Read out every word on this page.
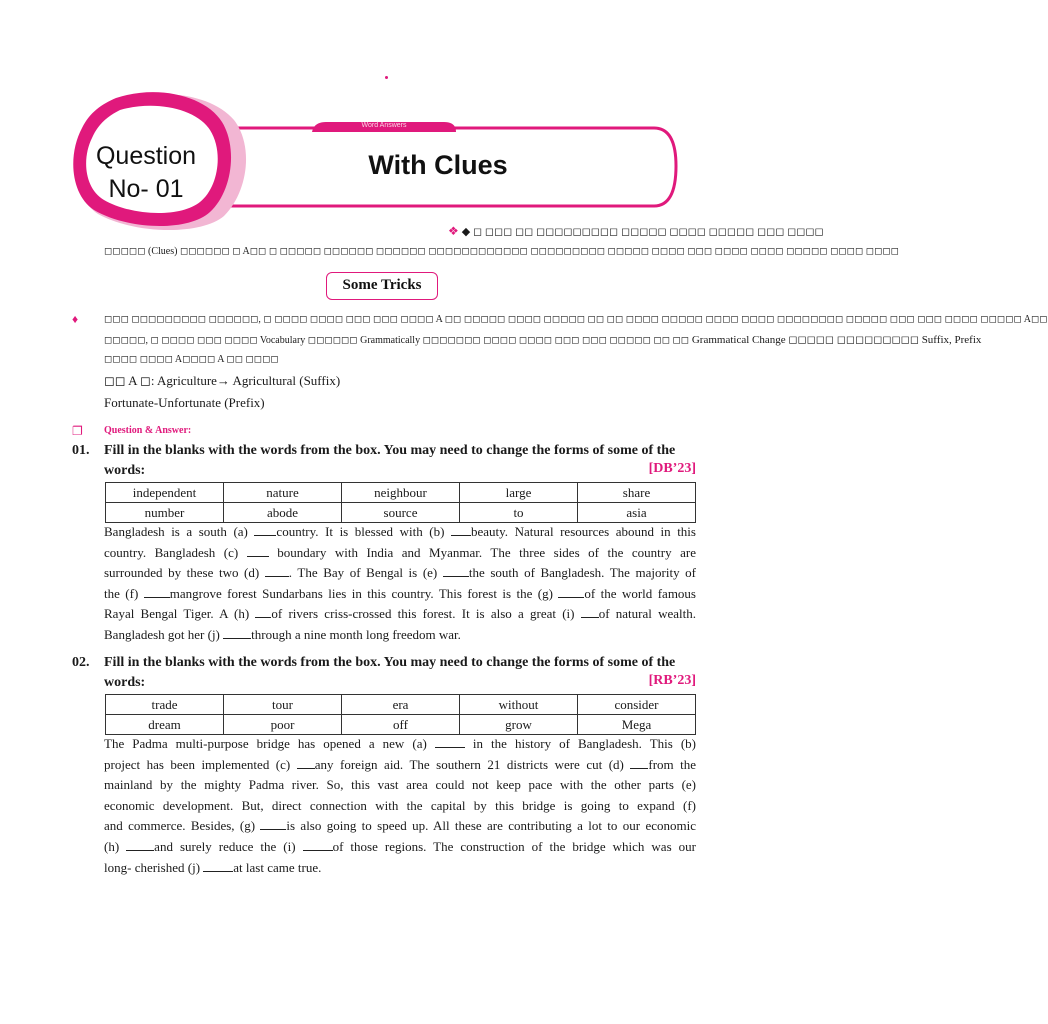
Word Answers
Question
No- 01
With Clues
❖ ◆ ◻ ◻◻◻ ◻◻ ◻◻◻◻◻◻◻◻◻ ◻◻◻◻◻ ◻◻◻◻ ◻◻◻◻◻ ◻◻◻ ◻◻◻◻
◻◻◻◻◻ (Clues) ◻◻◻◻◻◻ ◻ A◻◻ ◻ ◻◻◻◻◻ ◻◻◻◻◻◻ ◻◻◻◻◻◻ ◻◻◻◻◻◻◻◻◻◻◻◻ ◻◻◻◻◻◻◻◻◻ ◻◻◻◻◻ ◻◻◻◻ ◻◻◻ ◻◻◻◻ ◻◻◻◻ ◻◻◻◻◻ ◻◻◻◻ ◻◻◻◻
Some Tricks
♦	◻◻◻ ◻◻◻◻◻◻◻◻◻ ◻◻◻◻◻◻, ◻ ◻◻◻◻ ◻◻◻◻ ◻◻◻ ◻◻◻ ◻◻◻◻ A ◻◻ ◻◻◻◻◻ ◻◻◻◻ ◻◻◻◻◻ ◻◻ ◻◻ ◻◻◻◻ ◻◻◻◻◻ ◻◻◻◻ ◻◻◻◻ ◻◻◻◻◻◻◻◻ ◻◻◻◻◻ ◻◻◻ ◻◻◻ ◻◻◻◻ ◻◻◻◻◻ A◻◻
◻◻◻◻◻, ◻ ◻◻◻◻ ◻◻◻ ◻◻◻◻ Vocabulary ◻◻◻◻◻◻ Grammatically ◻◻◻◻◻◻◻ ◻◻◻◻ ◻◻◻◻ ◻◻◻ ◻◻◻ ◻◻◻◻◻ ◻◻ ◻◻ Grammatical Change ◻◻◻◻◻ ◻◻◻◻◻◻◻◻◻ Suffix, Prefix
◻◻◻◻ ◻◻◻◻ A◻◻◻◻ A ◻◻ ◻◻◻◻
◻◻ A ◻: Agriculture→ Agricultural (Suffix)
Fortunate-Unfortunate (Prefix)
❐ Question & Answer:
01. Fill in the blanks with the words from the box. You may need to change the forms of some of the
words:	[DB’23]
independent	nature	neighbour	large	share
number	abode	source	to	asia
Bangladesh is a south (a) country. It is blessed with (b) beauty. Natural resources abound in this
country. Bangladesh (c)  boundary with India and Myanmar. The three sides of the country are
surrounded by these two (d) . The Bay of Bengal is (e) the south of Bangladesh. The majority of
the (f) mangrove forest Sundarbans lies in this country. This forest is the (g) of the world famous
Rayal Bengal Tiger. A (h) of rivers criss-crossed this forest. It is also a great (i) of natural wealth.
Bangladesh got her (j) through a nine month long freedom war.
02. Fill in the blanks with the words from the box. You may need to change the forms of some of the
words:	[RB’23]
trade	tour	era	without	consider
dream	poor	off	grow	Mega
The Padma multi-purpose bridge has opened a new (a)  in the history of Bangladesh. This (b)
project has been implemented (c) any foreign aid. The southern 21 districts were cut (d) from the
mainland by the mighty Padma river. So, this vast area could not keep pace with the other parts (e)
economic development. But, direct connection with the capital by this bridge is going to expand (f)
and commerce. Besides, (g) is also going to speed up. All these are contributing a lot to our economic
(h) and surely reduce the (i) of those regions. The construction of the bridge which was our
long- cherished (j) at last came true.
